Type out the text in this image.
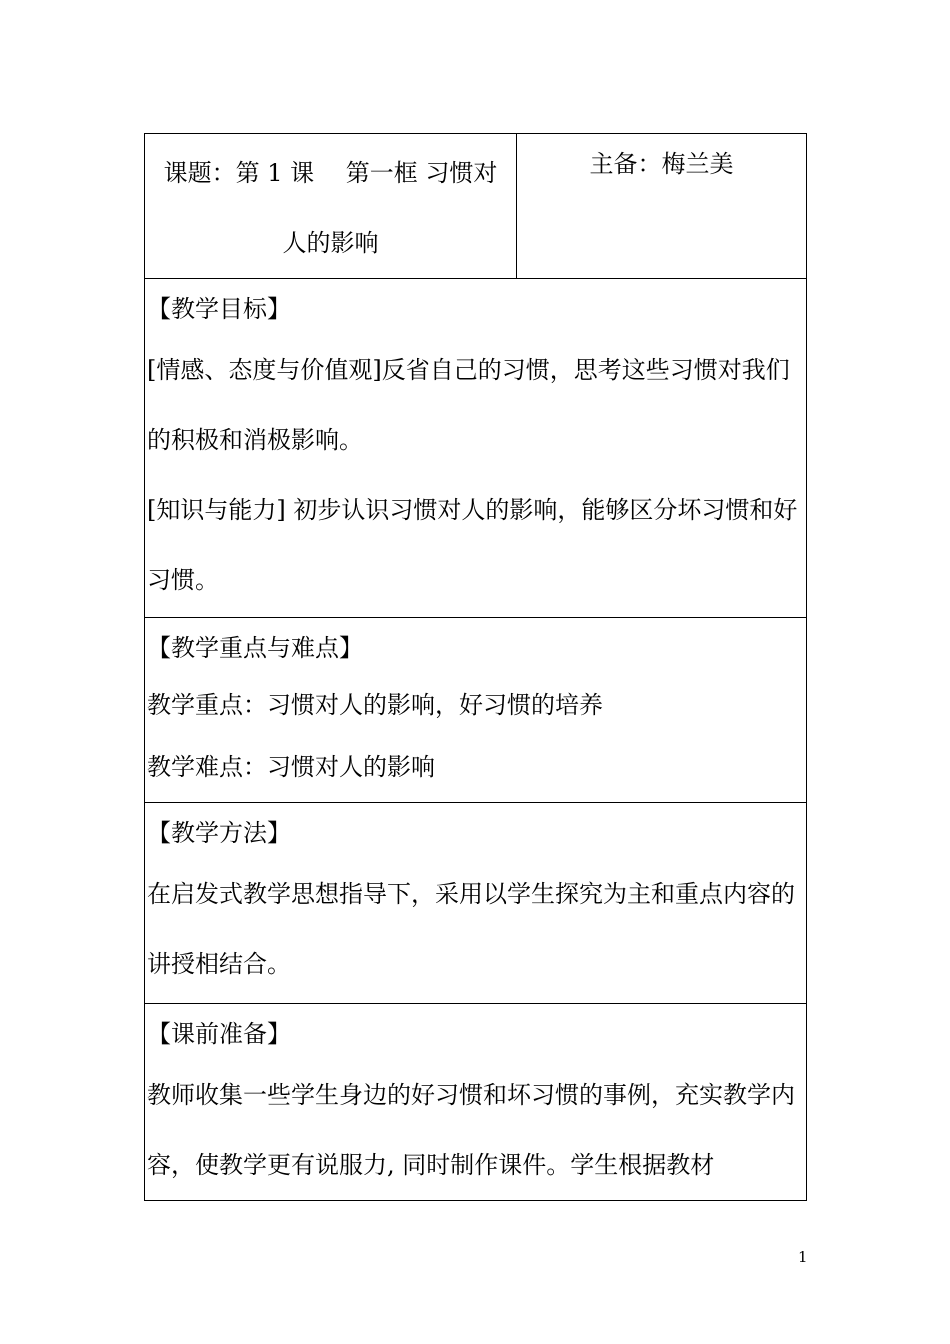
课题：第 1 课　 第一框 习惯对
人的影响
	主备：梅兰美

【教学目标】
[情感、态度与价值观]反省自己的习惯，思考这些习惯对我们的积极和消极影响。
[知识与能力] 初步认识习惯对人的影响，能够区分坏习惯和好习惯。

【教学重点与难点】
教学重点：习惯对人的影响，好习惯的培养
教学难点：习惯对人的影响

【教学方法】
在启发式教学思想指导下，采用以学生探究为主和重点内容的讲授相结合。

【课前准备】
教师收集一些学生身边的好习惯和坏习惯的事例，充实教学内容，使教学更有说服力, 同时制作课件。学生根据教材
1
